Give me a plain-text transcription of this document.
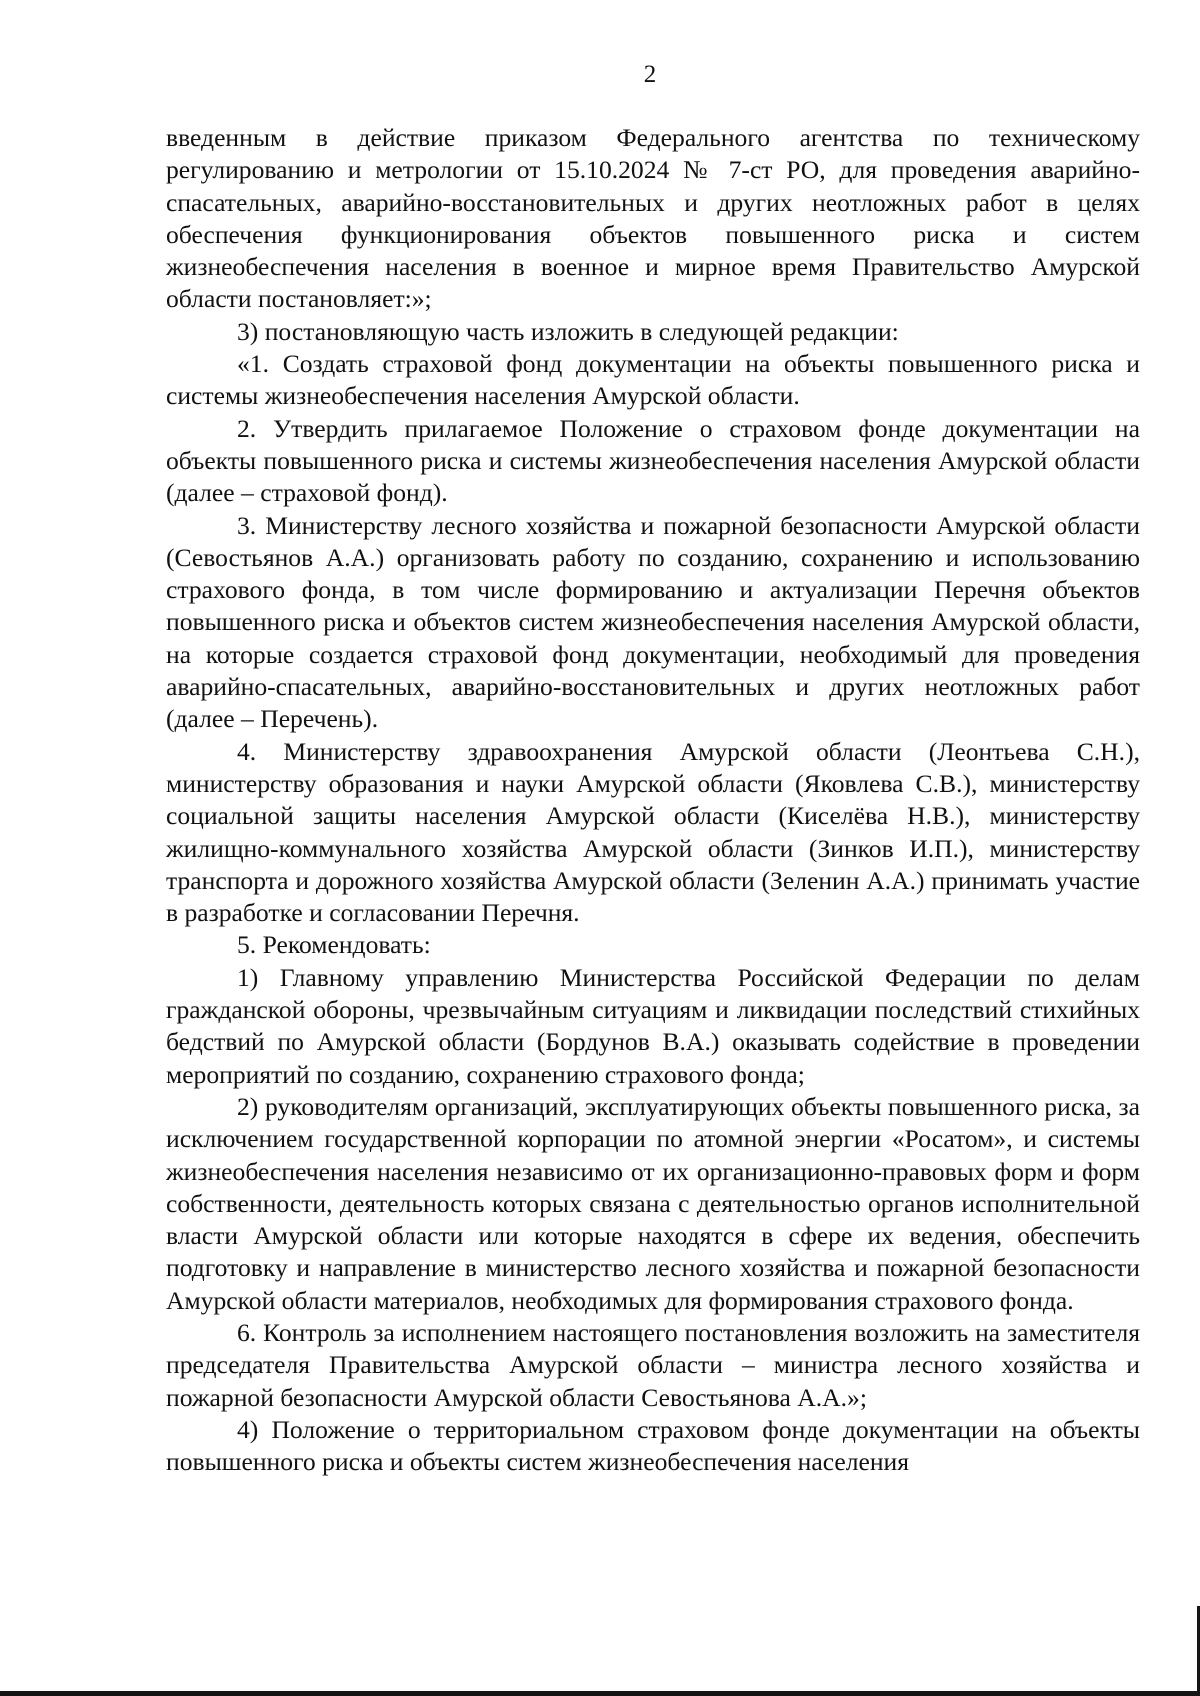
2

введенным в действие приказом Федерального агентства по техническому регулированию и метрологии от 15.10.2024 № 7-ст РО, для проведения аварийно-спасательных, аварийно-восстановительных и других неотложных работ в целях обеспечения функционирования объектов повышенного риска и систем жизнеобеспечения населения в военное и мирное время Правительство Амурской области постановляет:»;

3) постановляющую часть изложить в следующей редакции:

«1. Создать страховой фонд документации на объекты повышенного риска и системы жизнеобеспечения населения Амурской области.

2. Утвердить прилагаемое Положение о страховом фонде документации на объекты повышенного риска и системы жизнеобеспечения населения Амурской области (далее – страховой фонд).

3. Министерству лесного хозяйства и пожарной безопасности Амурской области (Севостьянов А.А.) организовать работу по созданию, сохранению и использованию страхового фонда, в том числе формированию и актуализации Перечня объектов повышенного риска и объектов систем жизнеобеспечения населения Амурской области, на которые создается страховой фонд документации, необходимый для проведения аварийно-спасательных, аварийно-восстановительных и других неотложных работ (далее – Перечень).

4. Министерству здравоохранения Амурской области (Леонтьева С.Н.), министерству образования и науки Амурской области (Яковлева С.В.), министерству социальной защиты населения Амурской области (Киселёва Н.В.), министерству жилищно-коммунального хозяйства Амурской области (Зинков И.П.), министерству транспорта и дорожного хозяйства Амурской области (Зеленин А.А.) принимать участие в разработке и согласовании Перечня.

5. Рекомендовать:

1) Главному управлению Министерства Российской Федерации по делам гражданской обороны, чрезвычайным ситуациям и ликвидации последствий стихийных бедствий по Амурской области (Бордунов В.А.) оказывать содействие в проведении мероприятий по созданию, сохранению страхового фонда;

2) руководителям организаций, эксплуатирующих объекты повышенного риска, за исключением государственной корпорации по атомной энергии «Росатом», и системы жизнеобеспечения населения независимо от их организационно-правовых форм и форм собственности, деятельность которых связана с деятельностью органов исполнительной власти Амурской области или которые находятся в сфере их ведения, обеспечить подготовку и направление в министерство лесного хозяйства и пожарной безопасности Амурской области материалов, необходимых для формирования страхового фонда.

6. Контроль за исполнением настоящего постановления возложить на заместителя председателя Правительства Амурской области – министра лесного хозяйства и пожарной безопасности Амурской области Севостьянова А.А.»;

4) Положение о территориальном страховом фонде документации на объекты повышенного риска и объекты систем жизнеобеспечения населения
